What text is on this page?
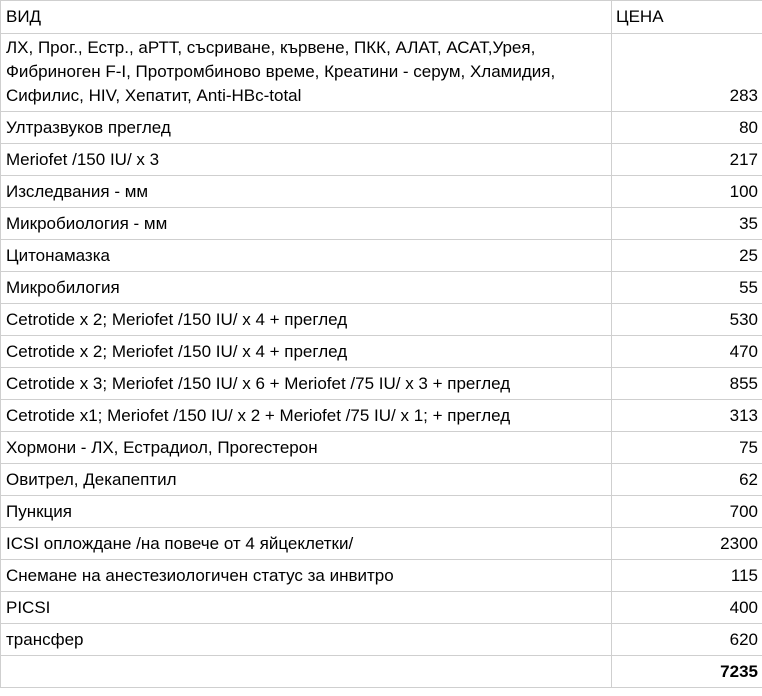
ВИД	ЦЕНА
ЛХ, Прог., Естр., аРТТ, съсриване, кървене, ПКК, АЛАТ, АСАТ,Урея, Фибриноген F-I, Протромбиново време, Креатини - серум, Хламидия, Сифилис, HIV, Хепатит, Anti-HBc-total	283
Ултразвуков преглед	80
Meriofet /150 IU/ x 3	217
Изследвания - мм	100
Микробиология - мм	35
Цитонамазка	25
Микробилогия	55
Cetrotide x 2; Meriofet /150 IU/ x 4 + преглед	530
Cetrotide x 2; Meriofet /150 IU/ x 4 + преглед	470
Cetrotide x 3; Meriofet /150 IU/ x 6 + Meriofet /75 IU/ x 3 + преглед	855
Cetrotide x1; Meriofet /150 IU/ x 2 + Meriofet /75 IU/ x 1; + преглед	313
Хормони - ЛХ, Естрадиол, Прогестерон	75
Овитрел, Декапептил	62
Пункция	700
ICSI оплождане /на повече от 4 яйцеклетки/	2300
Снемане на анестезиологичен статус за инвитро	115
PICSI	400
трансфер	620
	7235
